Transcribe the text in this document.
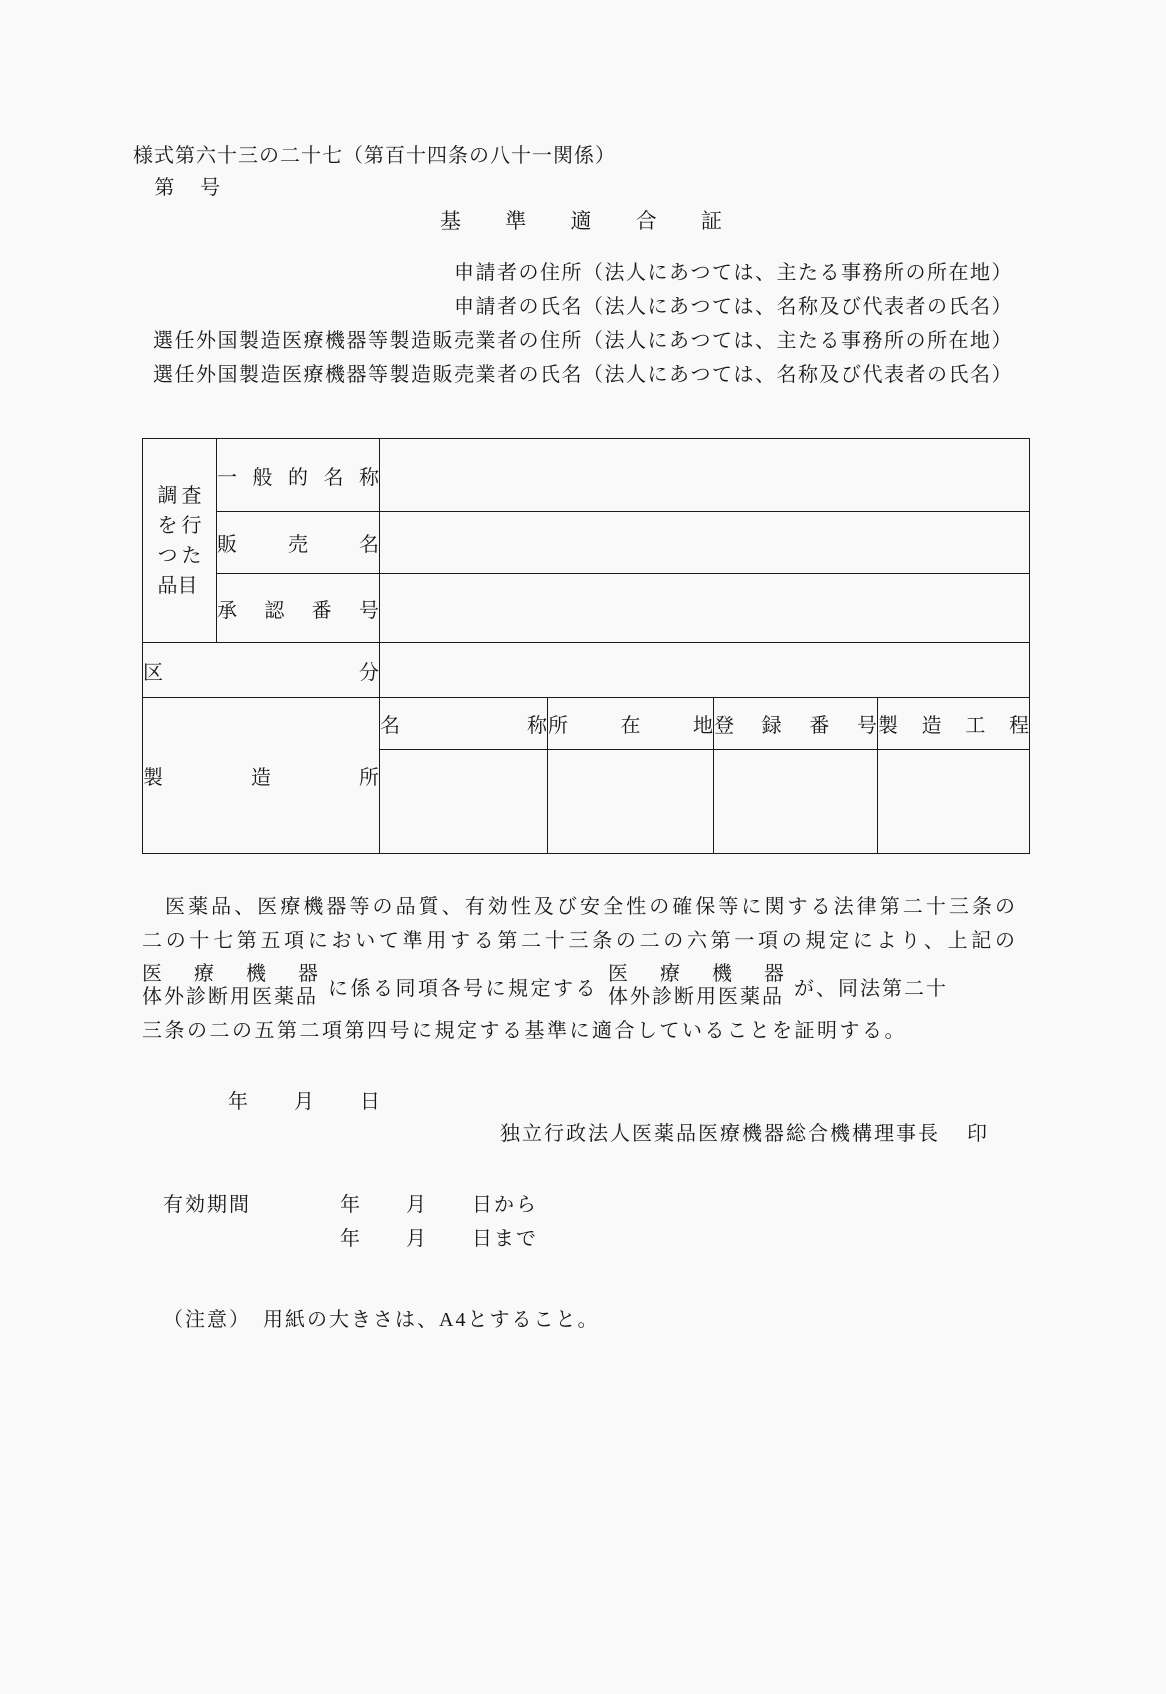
様式第六十三の二十七（第百十四条の八十一関係）
第 号
基 準 適 合 証
申請者の住所（法人にあつては、主たる事務所の所在地）
申請者の氏名（法人にあつては、名称及び代表者の氏名）
選任外国製造医療機器等製造販売業者の住所（法人にあつては、主たる事務所の所在地）
選任外国製造医療機器等製造販売業者の氏名（法人にあつては、名称及び代表者の氏名）
調査を行つた品目	一 般 的 名 称				

	販 売 名				

	承 認 番 号				

区 分					

製 造 所		名 称	所 在 地	登 録 番 号	製 造 工 程

　医薬品、医療機器等の品質、有効性及び安全性の確保等に関する法律第二十三条の
二の十七第五項において準用する第二十三条の二の六第一項の規定により、上記の
医 療 機 器
体外診断用医薬品 に係る同項各号に規定する
医 療 機 器
体外診断用医薬品 が、同法第二十
三条の二の五第二項第四号に規定する基準に適合していることを証明する。
年　　月　　日
独立行政法人医薬品医療機器総合機構理事長 印
有効期間	年　　月　　日から
年　　月　　日まで
（注意）　用紙の大きさは、A4とすること。
